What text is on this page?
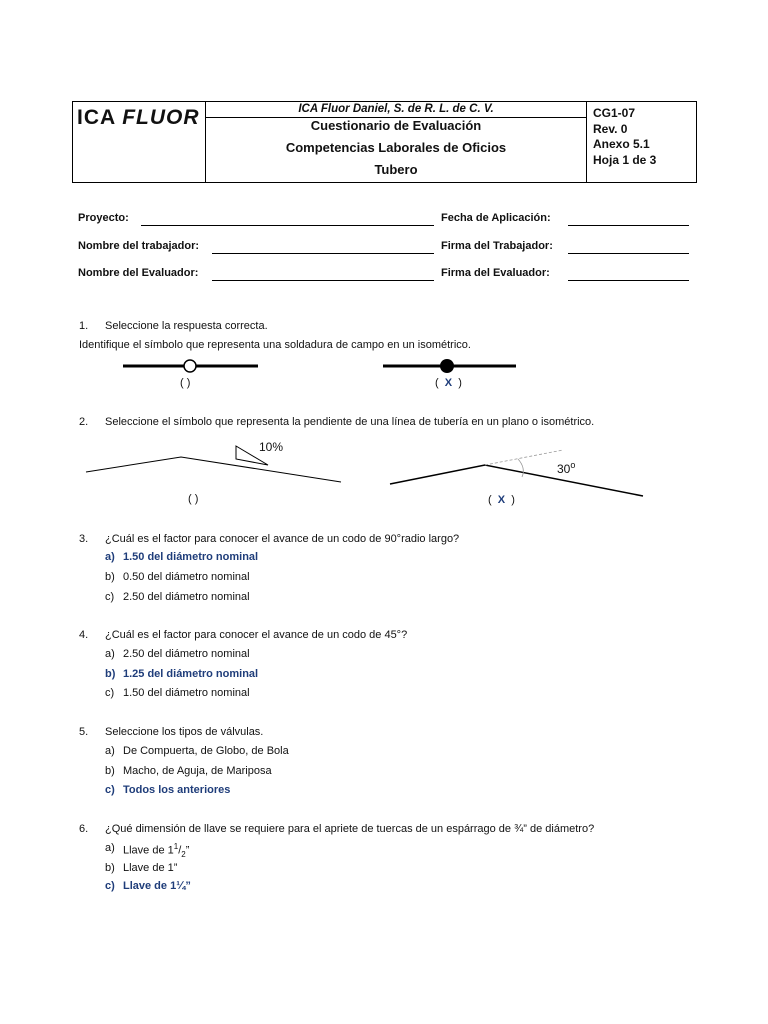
ICA FLUOR	ICA Fluor Daniel, S. de R. L. de C. V.
Cuestionario de Evaluación
Competencias Laborales de Oficios
Tubero
CG1-07
Rev. 0
Anexo 5.1
Hoja 1 de 3
Proyecto:	Fecha de Aplicación:
Nombre del trabajador:	Firma del Trabajador:
Nombre del Evaluador:	Firma del Evaluador:
1. Seleccione la respuesta correcta.
Identifique el símbolo que representa una soldadura de campo en un isométrico.
( )	( X )
2. Seleccione el símbolo que representa la pendiente de una línea de tubería en un plano o isométrico.
10%
( )
30$^o$
( X )
3. ¿Cuál es el factor para conocer el avance de un codo de 90°radio largo?
a) 1.50 del diámetro nominal
b) 0.50 del diámetro nominal
c) 2.50 del diámetro nominal
4. ¿Cuál es el factor para conocer el avance de un codo de 45°?
a) 2.50 del diámetro nominal
b) 1.25 del diámetro nominal
c) 1.50 del diámetro nominal
5. Seleccione los tipos de válvulas.
a) De Compuerta, de Globo, de Bola
b) Macho, de Aguja, de Mariposa
c) Todos los anteriores
6. ¿Qué dimensión de llave se requiere para el apriete de tuercas de un espárrago de ¾” de diámetro?
a) Llave de $1^1/_2$”
b) Llave de 1”
c) Llave de 1¼”
